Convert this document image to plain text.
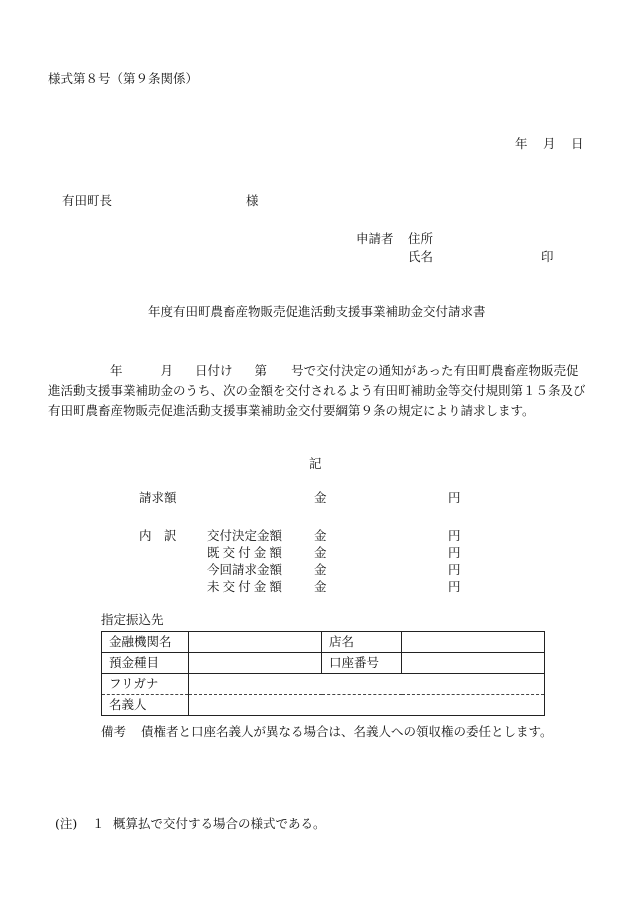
様式第８号（第９条関係）
年 月 日
有田町長	様
申請者 住所
氏名	印
年度有田町農畜産物販売促進活動支援事業補助金交付請求書
年	月 日付け 第 号で交付決定の通知があった有田町農畜産物販売促進活動支援事業補助金のうち、次の金額を交付されるよう有田町補助金等交付規則第１５条及び有田町農畜産物販売促進活動支援事業補助金交付要綱第９条の規定により請求します。
記
請求額	金	円
内　訳 交付決定金額	金	円
既交付金額 金	円
今回請求金額	金	円
未交付金額 金	円
指定振込先
金融機関名		店名	
預金種目		口座番号	
フリガナ			
名義人			
備考 債権者と口座名義人が異なる場合は、名義人への領収権の委任とします。
(注) １ 概算払で交付する場合の様式である。
